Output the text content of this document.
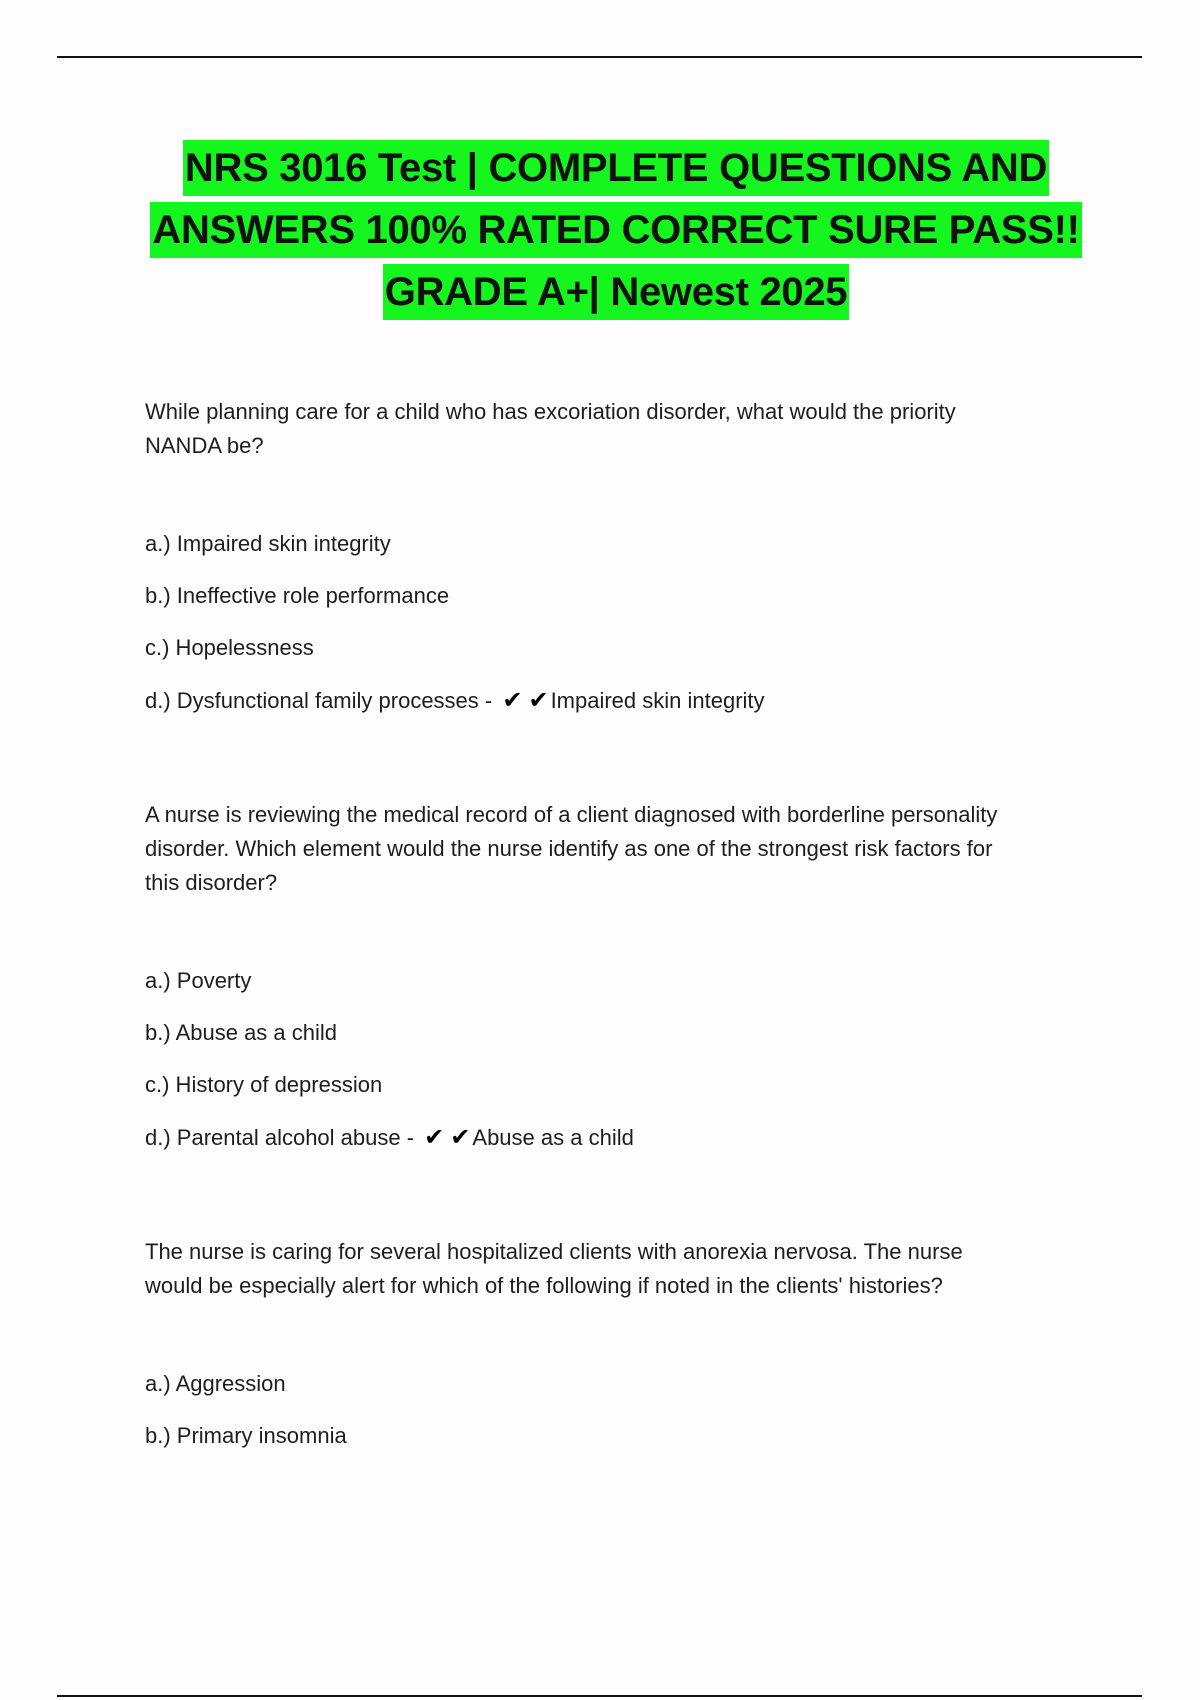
NRS 3016 Test | COMPLETE QUESTIONS AND
ANSWERS 100% RATED CORRECT SURE PASS!!
GRADE A+| Newest 2025
While planning care for a child who has excoriation disorder, what would the priority
NANDA be?
a.) Impaired skin integrity
b.) Ineffective role performance
c.) Hopelessness
d.) Dysfunctional family processes - ✔ ✔Impaired skin integrity
A nurse is reviewing the medical record of a client diagnosed with borderline personality
disorder. Which element would the nurse identify as one of the strongest risk factors for
this disorder?
a.) Poverty
b.) Abuse as a child
c.) History of depression
d.) Parental alcohol abuse - ✔ ✔Abuse as a child
The nurse is caring for several hospitalized clients with anorexia nervosa. The nurse
would be especially alert for which of the following if noted in the clients' histories?
a.) Aggression
b.) Primary insomnia
